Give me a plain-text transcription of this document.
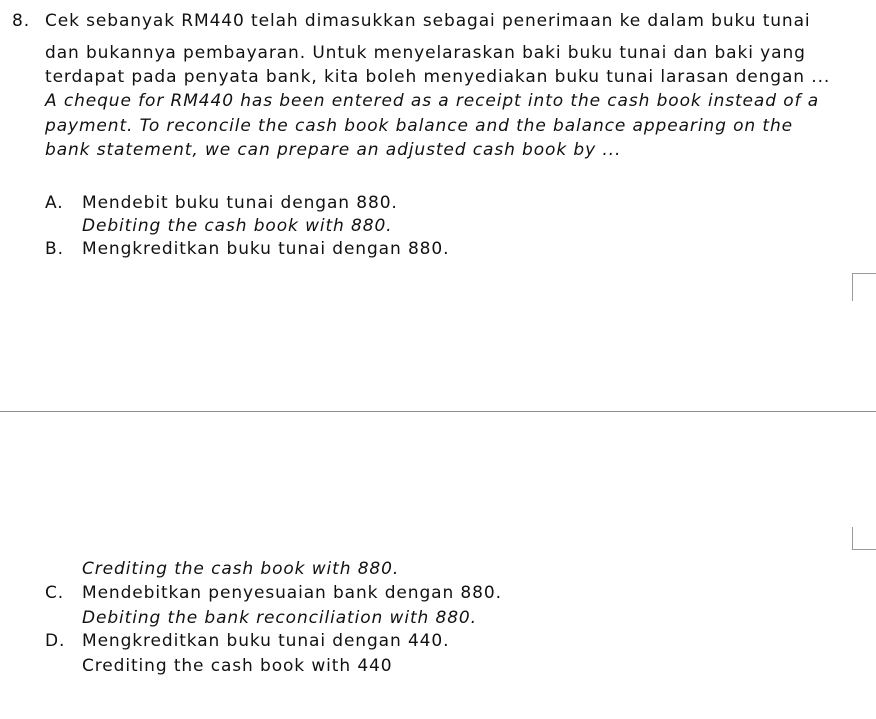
8. Cek sebanyak RM440 telah dimasukkan sebagai penerimaan ke dalam buku tunai
dan bukannya pembayaran. Untuk menyelaraskan baki buku tunai dan baki yang
terdapat pada penyata bank, kita boleh menyediakan buku tunai larasan dengan ...
A cheque for RM440 has been entered as a receipt into the cash book instead of a
payment. To reconcile the cash book balance and the balance appearing on the
bank statement, we can prepare an adjusted cash book by ...
A. Mendebit buku tunai dengan 880.
Debiting the cash book with 880.
B. Mengkreditkan buku tunai dengan 880.
Crediting the cash book with 880.
C. Mendebitkan penyesuaian bank dengan 880.
Debiting the bank reconciliation with 880.
D. Mengkreditkan buku tunai dengan 440.
Crediting the cash book with 440
